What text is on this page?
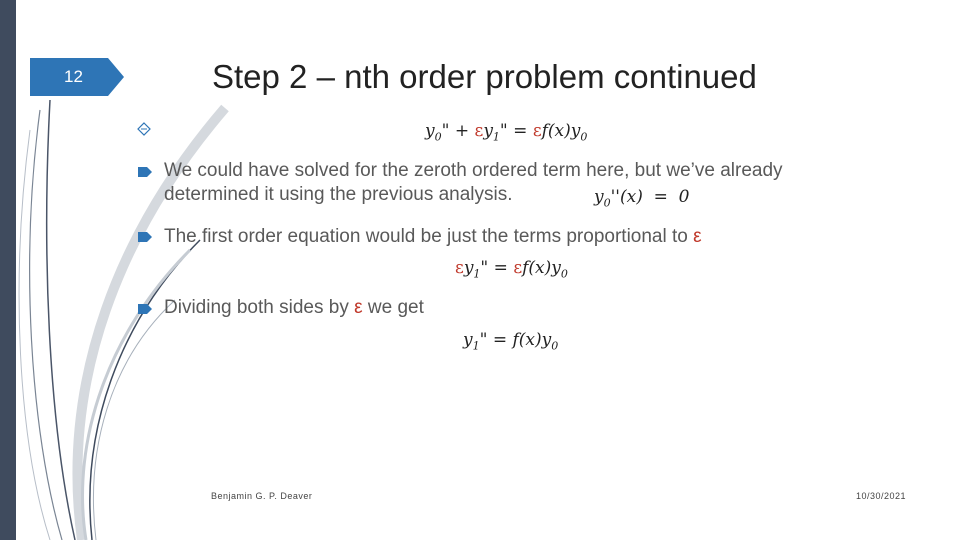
12	Step 2 – nth order problem continued
$y_0$" + $\varepsilon y_1$" = $\varepsilon f(x)y_0$
We could have solved for the zeroth ordered term here, but we’ve already
determined it using the previous analysis.	$y_0''(x) = 0$
The first order equation would be just the terms proportional to ε
$\varepsilon y_1$" = $\varepsilon f(x)y_0$
Dividing both sides by ε we get
$y_1$" = $f(x)y_0$
Benjamin G. P. Deaver	10/30/2021
